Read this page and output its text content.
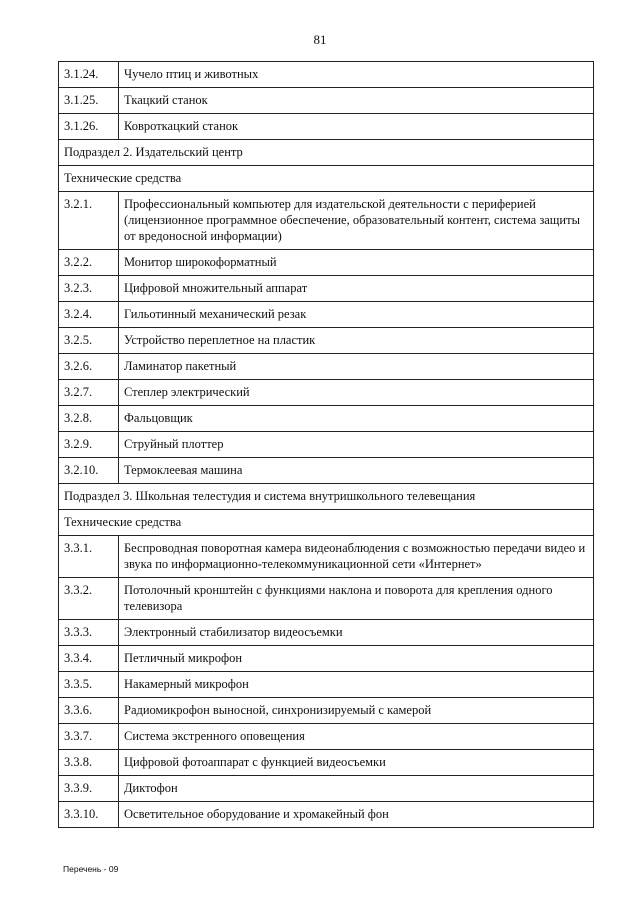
81
3.1.24.	Чучело птиц и животных
3.1.25.	Ткацкий станок
3.1.26.	Ковроткацкий станок
Подраздел 2. Издательский центр	
Технические средства	
3.2.1.	Профессиональный компьютер для издательской деятельности с периферией (лицензионное программное обеспечение, образовательный контент, система защиты от вредоносной информации)
3.2.2.	Монитор широкоформатный
3.2.3.	Цифровой множительный аппарат
3.2.4.	Гильотинный механический резак
3.2.5.	Устройство переплетное на пластик
3.2.6.	Ламинатор пакетный
3.2.7.	Степлер электрический
3.2.8.	Фальцовщик
3.2.9.	Струйный плоттер
3.2.10.	Термоклеевая машина
Подраздел 3. Школьная телестудия и система внутришкольного телевещания	
Технические средства	
3.3.1.	Беспроводная поворотная камера видеонаблюдения с возможностью передачи видео и звука по информационно-телекоммуникационной сети «Интернет»
3.3.2.	Потолочный кронштейн с функциями наклона и поворота для крепления одного телевизора
3.3.3.	Электронный стабилизатор видеосъемки
3.3.4.	Петличный микрофон
3.3.5.	Накамерный микрофон
3.3.6.	Радиомикрофон выносной, синхронизируемый с камерой
3.3.7.	Система экстренного оповещения
3.3.8.	Цифровой фотоаппарат с функцией видеосъемки
3.3.9.	Диктофон
3.3.10.	Осветительное оборудование и хромакейный фон
Перечень - 09
